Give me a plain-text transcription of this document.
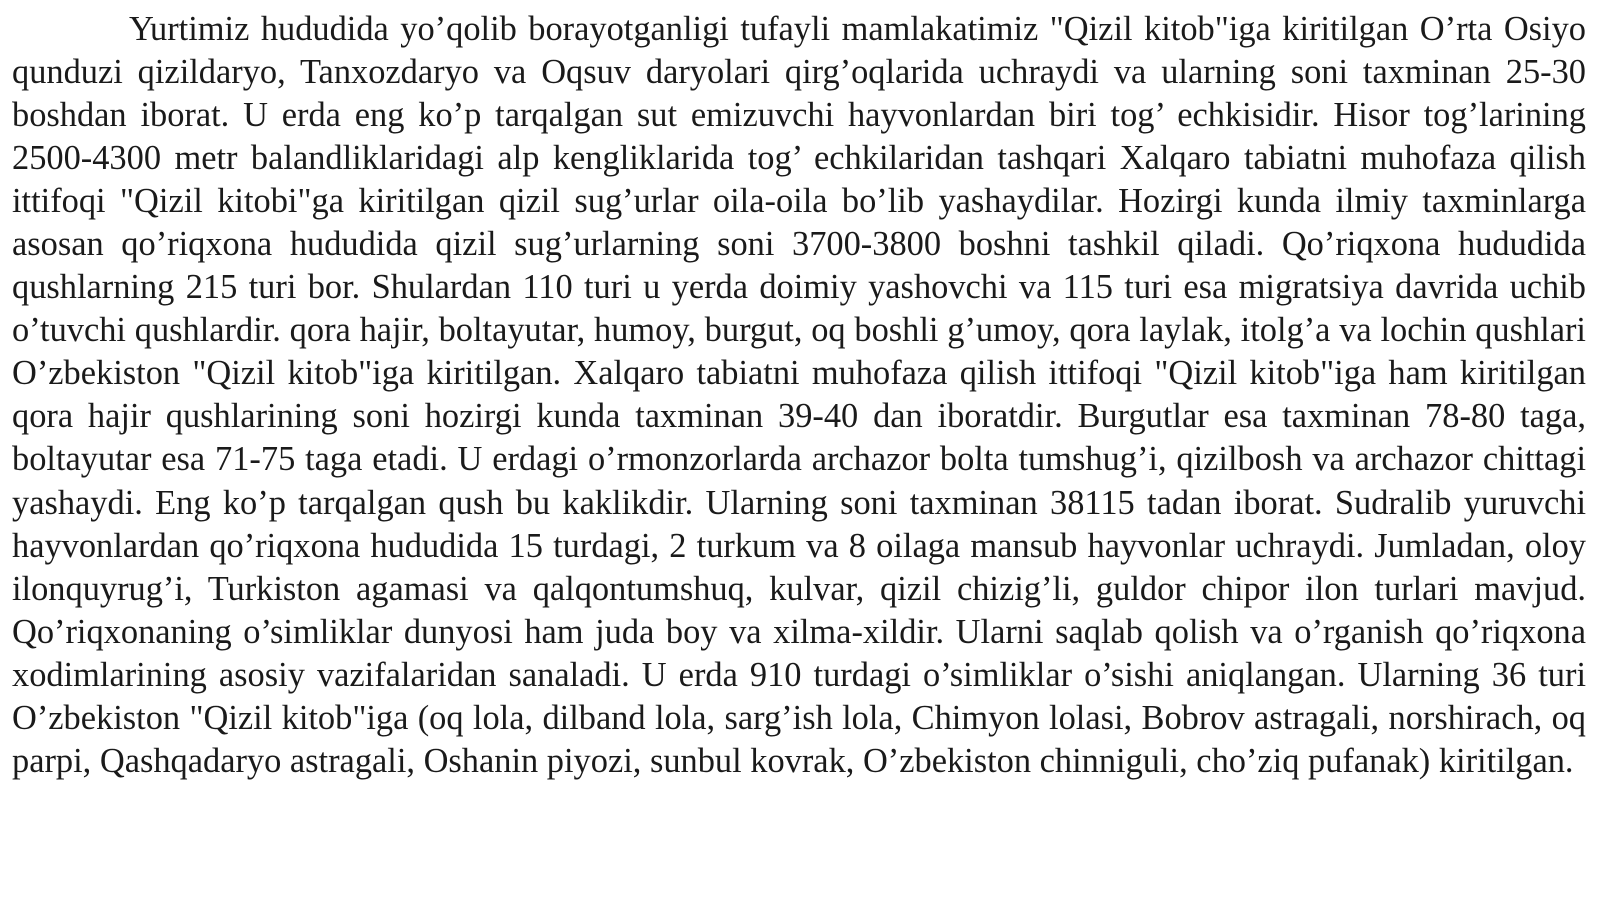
Yurtimiz hududida yo’qolib borayotganligi tufayli mamlakatimiz "Qizil kitob"iga kiritilgan O’rta Osiyo qunduzi qizildaryo, Tanxozdaryo va Oqsuv daryolari qirg’oqlarida uchraydi va ularning soni taxminan 25-30 boshdan iborat. U erda eng ko’p tarqalgan sut emizuvchi hayvonlardan biri tog’ echkisidir. Hisor tog’larining 2500-4300 metr balandliklaridagi alp kengliklarida tog’ echkilaridan tashqari Xalqaro tabiatni muhofaza qilish ittifoqi "Qizil kitobi"ga kiritilgan qizil sug’urlar oila-oila bo’lib yashaydilar. Hozirgi kunda ilmiy taxminlarga asosan qo’riqxona hududida qizil sug’urlarning soni 3700-3800 boshni tashkil qiladi. Qo’riqxona hududida qushlarning 215 turi bor. Shulardan 110 turi u yerda doimiy yashovchi va 115 turi esa migratsiya davrida uchib o’tuvchi qushlardir. qora hajir, boltayutar, humoy, burgut, oq boshli g’umoy, qora laylak, itolg’a va lochin qushlari O’zbekiston "Qizil kitob"iga kiritilgan. Xalqaro tabiatni muhofaza qilish ittifoqi "Qizil kitob"iga ham kiritilgan qora hajir qushlarining soni hozirgi kunda taxminan 39-40 dan iboratdir. Burgutlar esa taxminan 78-80 taga, boltayutar esa 71-75 taga etadi. U erdagi o’rmonzorlarda archazor bolta tumshug’i, qizilbosh va archazor chittagi yashaydi. Eng ko’p tarqalgan qush bu kaklikdir. Ularning soni taxminan 38115 tadan iborat. Sudralib yuruvchi hayvonlardan qo’riqxona hududida 15 turdagi, 2 turkum va 8 oilaga mansub hayvonlar uchraydi. Jumladan, oloy ilonquyrug’i, Turkiston agamasi va qalqontumshuq, kulvar, qizil chizig’li, guldor chipor ilon turlari mavjud. Qo’riqxonaning o’simliklar dunyosi ham juda boy va xilma-xildir. Ularni saqlab qolish va o’rganish qo’riqxona xodimlarining asosiy vazifalaridan sanaladi. U erda 910 turdagi o’simliklar o’sishi aniqlangan. Ularning 36 turi O’zbekiston "Qizil kitob"iga (oq lola, dilband lola, sarg’ish lola, Chimyon lolasi, Bobrov astragali, norshirach, oq parpi, Qashqadaryo astragali, Oshanin piyozi, sunbul kovrak, O’zbekiston chinniguli, cho’ziq pufanak) kiritilgan.
